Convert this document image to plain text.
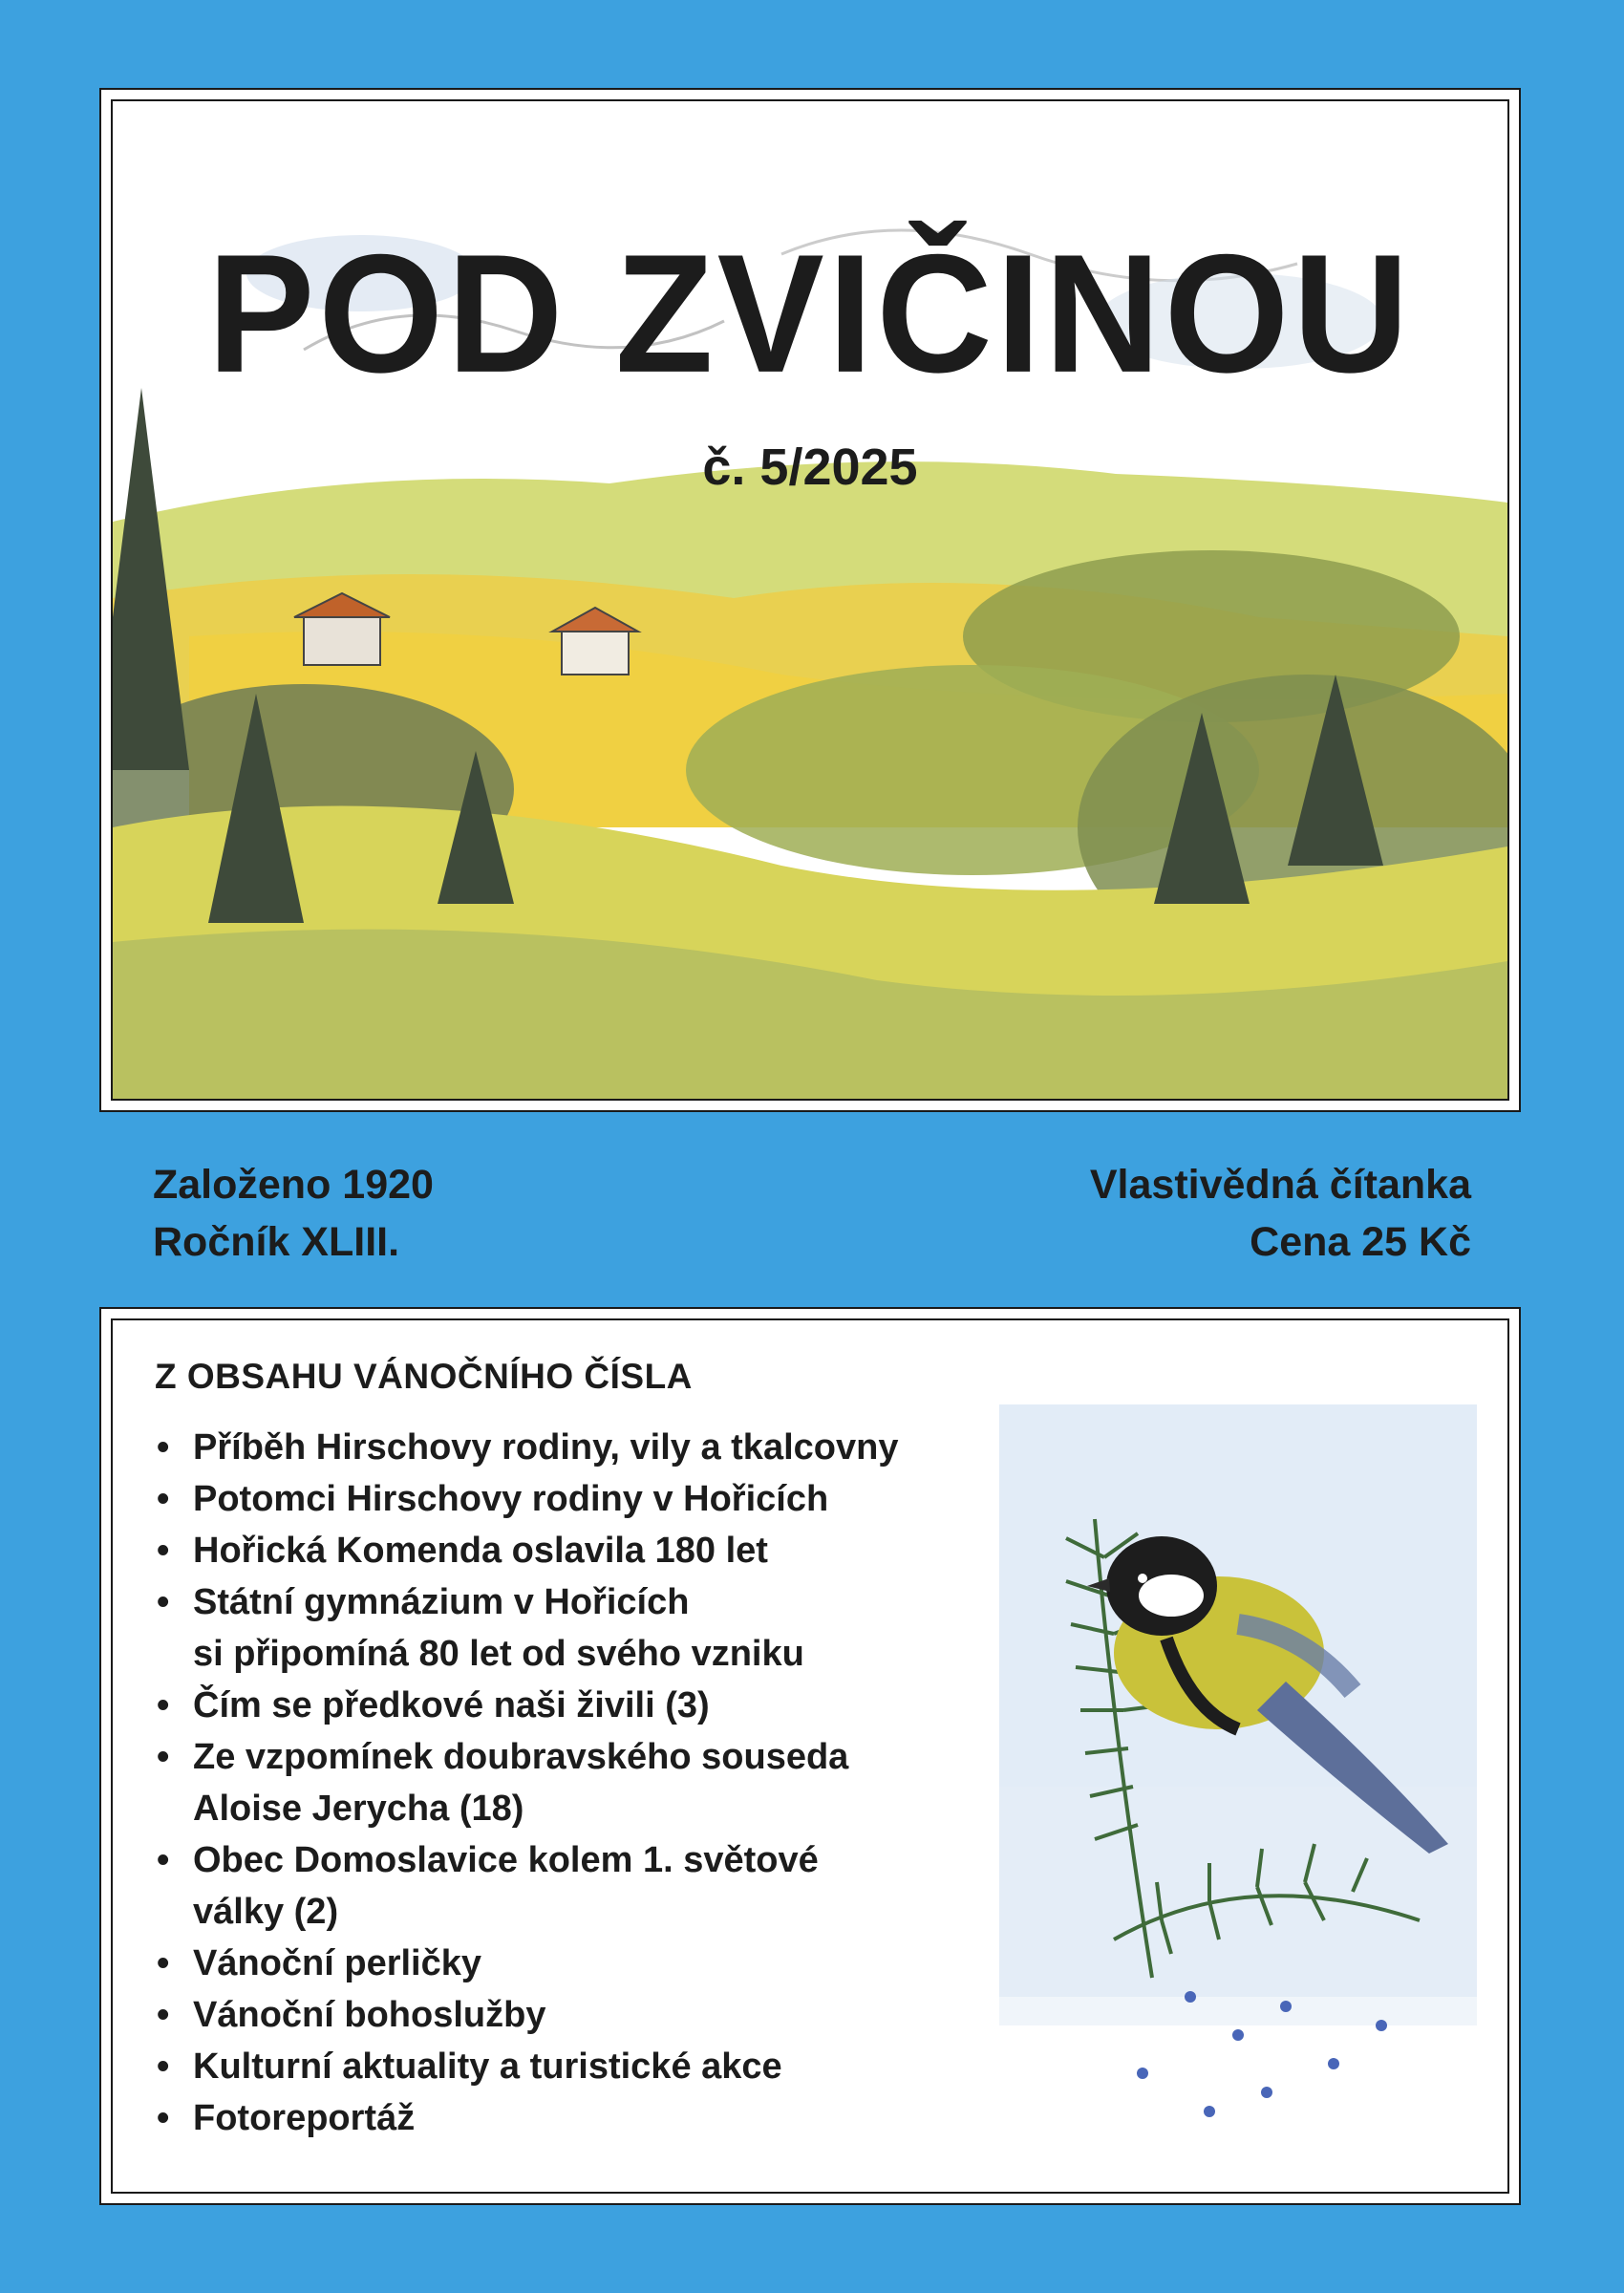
POD ZVIČINOU
č. 5/2025
Založeno 1920
Ročník XLIII.
Vlastivědná čítanka
Cena 25 Kč
Z OBSAHU VÁNOČNÍHO ČÍSLA
• Příběh Hirschovy rodiny, vily a tkalcovny
• Potomci Hirschovy rodiny v Hořicích
• Hořická Komenda oslavila 180 let
• Státní gymnázium v Hořicích
si připomíná 80 let od svého vzniku
• Čím se předkové naši živili (3)
• Ze vzpomínek doubravského souseda
Aloise Jerycha (18)
• Obec Domoslavice kolem 1. světové
války (2)
• Vánoční perličky
• Vánoční bohoslužby
• Kulturní aktuality a turistické akce
• Fotoreportáž
